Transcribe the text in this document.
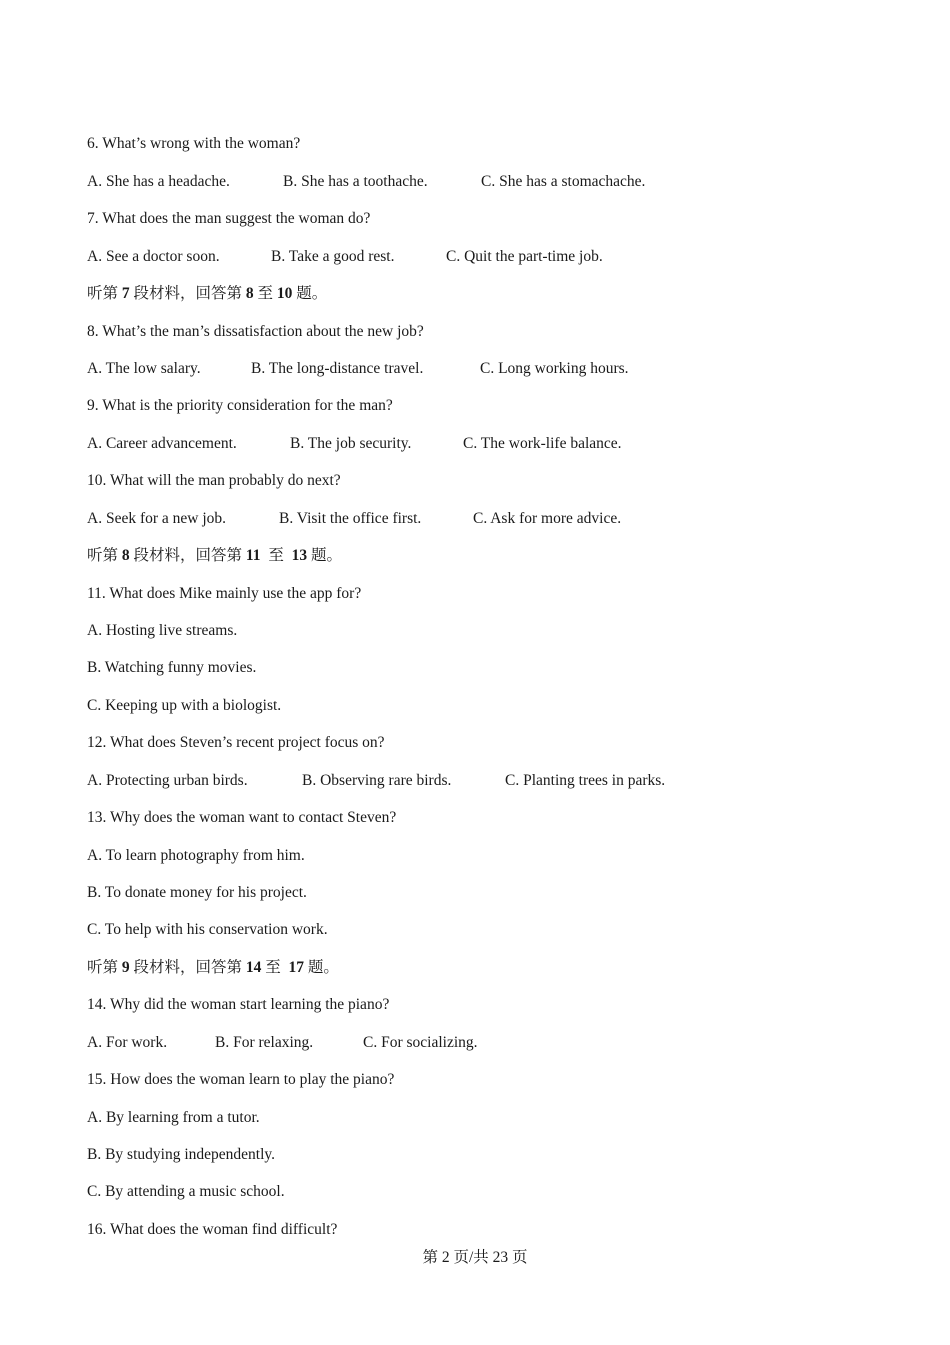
6. What’s wrong with the woman?
A. She has a headache.	B. She has a toothache.	C. She has a stomachache.
7. What does the man suggest the woman do?
A. See a doctor soon.	B. Take a good rest.	C. Quit the part-time job.
听第 7 段材料，回答第 8 至 10 题。
8. What’s the man’s dissatisfaction about the new job?
A. The low salary.	B. The long-distance travel.	C. Long working hours.
9. What is the priority consideration for the man?
A. Career advancement.	B. The job security.	C. The work-life balance.
10. What will the man probably do next?
A. Seek for a new job.	B. Visit the office first.	C. Ask for more advice.
听第 8 段材料，回答第 11  至  13 题。
11. What does Mike mainly use the app for?
A. Hosting live streams.
B. Watching funny movies.
C. Keeping up with a biologist.
12. What does Steven’s recent project focus on?
A. Protecting urban birds.	B. Observing rare birds.	C. Planting trees in parks.
13. Why does the woman want to contact Steven?
A. To learn photography from him.
B. To donate money for his project.
C. To help with his conservation work.
听第 9 段材料，回答第 14 至  17 题。
14. Why did the woman start learning the piano?
A. For work.	B. For relaxing.	C. For socializing.
15. How does the woman learn to play the piano?
A. By learning from a tutor.
B. By studying independently.
C. By attending a music school.
16. What does the woman find difficult?
第 2 页/共 23 页
